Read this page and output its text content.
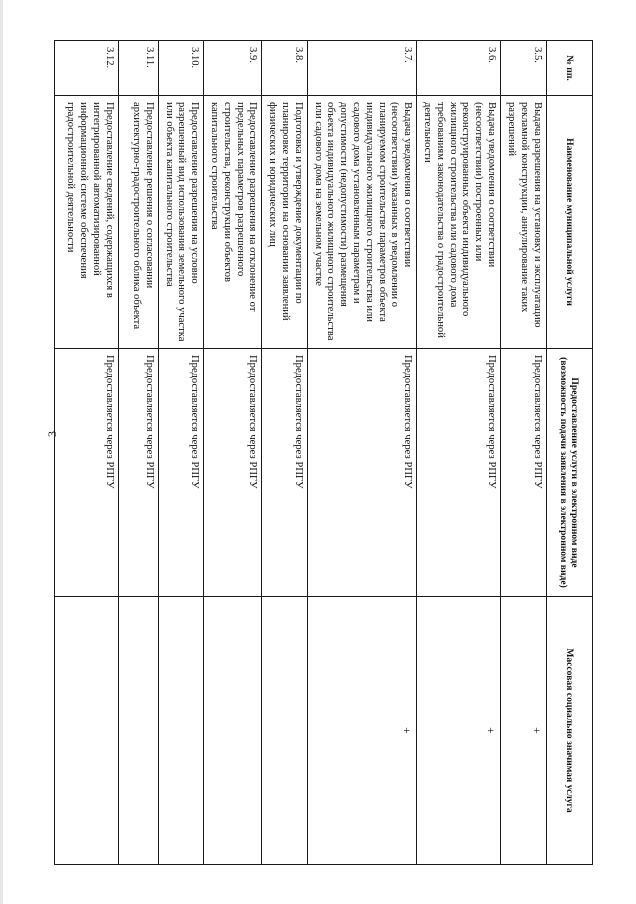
3
№ пп.	Наименование муниципальной услуги	Предоставление услуги в электронном виде (возможность подачи заявления в электронном виде)	Массовая социально значимая услуга
3.5.	Выдача разрешения на установку и эксплуатацию рекламной конструкции, аннулирование таких разрешений	Предоставляется через РПГУ	+
3.6.	Выдача уведомления о соответствии (несоответствии) построенных или реконструированных объекта индивидуального жилищного строительства или садового дома требованиям законодательства о градостроительной деятельности	Предоставляется через РПГУ	+
3.7.	Выдача уведомления о соответствии (несоответствии) указанных в уведомлении о планируемом строительстве параметров объекта индивидуального жилищного строительства или садового дома установленным параметрам и допустимости (недопустимости) размещения объекта индивидуального жилищного строительства или садового дома на земельном участке	Предоставляется через РПГУ	+
3.8.	Подготовка и утверждение документации по планировке территории на основании заявлений физических и юридических лиц	Предоставляется через РПГУ	
3.9.	Предоставление разрешения на отклонение от предельных параметров разрешенного строительства, реконструкции объектов капитального строительства	Предоставляется через РПГУ	
3.10.	Предоставление разрешения на условно разрешенный вид использования земельного участка или объекта капитального строительства	Предоставляется через РПГУ	
3.11.	Предоставление решения о согласовании архитектурно-градостроительного облика объекта	Предоставляется через РПГУ	
3.12.	Предоставление сведений, содержащихся в интегрированной автоматизированной информационной системе обеспечения градостроительной деятельности	Предоставляется через РПГУ	
